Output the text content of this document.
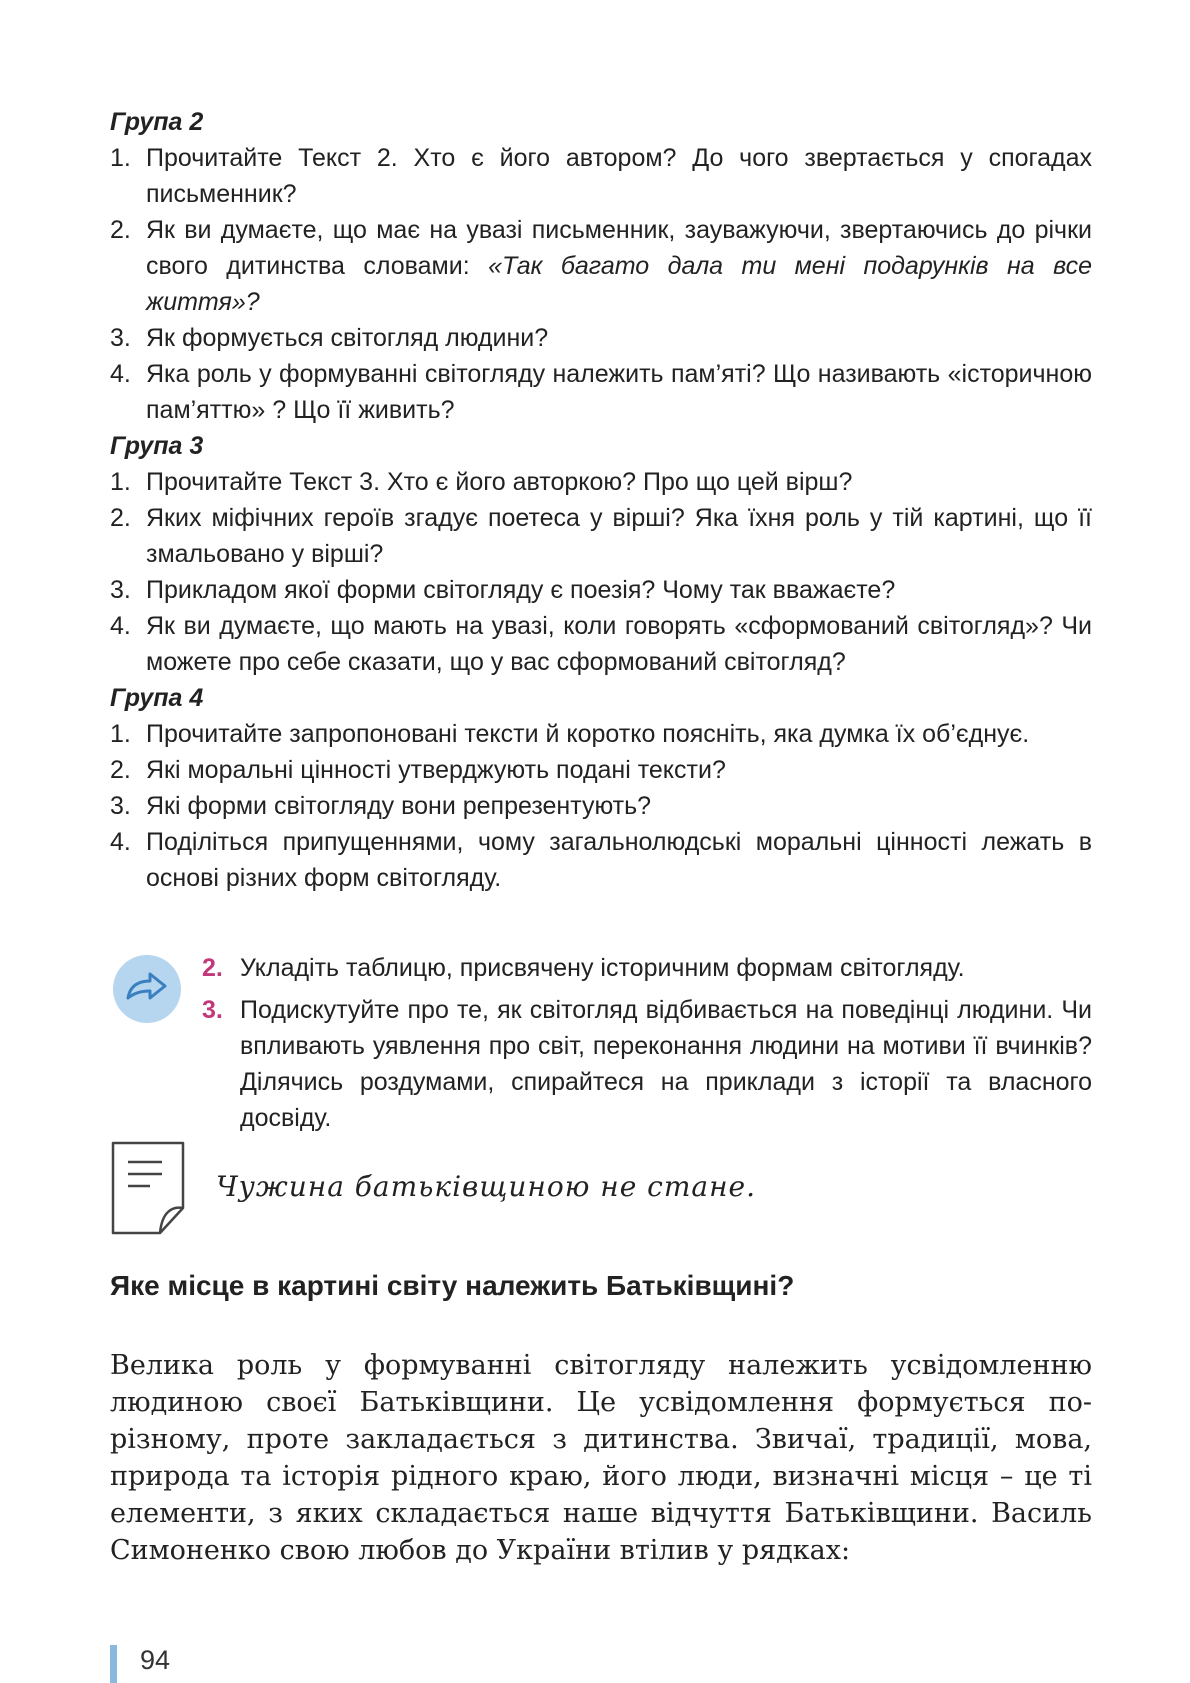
Група 2
1. Прочитайте Текст 2. Хто є його автором? До чого звертається у спогадах письменник?
2. Як ви думаєте, що має на увазі письменник, зауважуючи, звертаючись до річки свого дитинства словами: «Так багато дала ти мені подарунків на все життя»?
3. Як формується світогляд людини?
4. Яка роль у формуванні світогляду належить пам’яті? Що називають «історичною пам’яттю» ? Що її живить?
Група 3
1. Прочитайте Текст 3. Хто є його авторкою? Про що цей вірш?
2. Яких міфічних героїв згадує поетеса у вірші? Яка їхня роль у тій картині, що її змальовано у вірші?
3. Прикладом якої форми світогляду є поезія? Чому так вважаєте?
4. Як ви думаєте, що мають на увазі, коли говорять «сформований світогляд»? Чи можете про себе сказати, що у вас сформований світогляд?
Група 4
1. Прочитайте запропоновані тексти й коротко поясніть, яка думка їх об’єднує.
2. Які моральні цінності утверджують подані тексти?
3. Які форми світогляду вони репрезентують?
4. Поділіться припущеннями, чому загальнолюдські моральні цінності лежать в основі різних форм світогляду.
2. Укладіть таблицю, присвячену історичним формам світогляду.
3. Подискутуйте про те, як світогляд відбивається на поведінці людини. Чи впливають уявлення про світ, переконання людини на мотиви її вчинків? Ділячись роздумами, спирайтеся на приклади з історії та власного досвіду.
Чужина батьківщиною не стане.
Яке місце в картині світу належить Батьківщині?
Велика роль у формуванні світогляду належить усвідомленню людиною своєї Батьківщини. Це усвідомлення формується по-різному, проте закладається з дитинства. Звичаї, традиції, мова, природа та історія рідного краю, його люди, визначні місця – це ті елементи, з яких складається наше відчуття Батьківщини. Василь Симоненко свою любов до України втілив у рядках:
94
